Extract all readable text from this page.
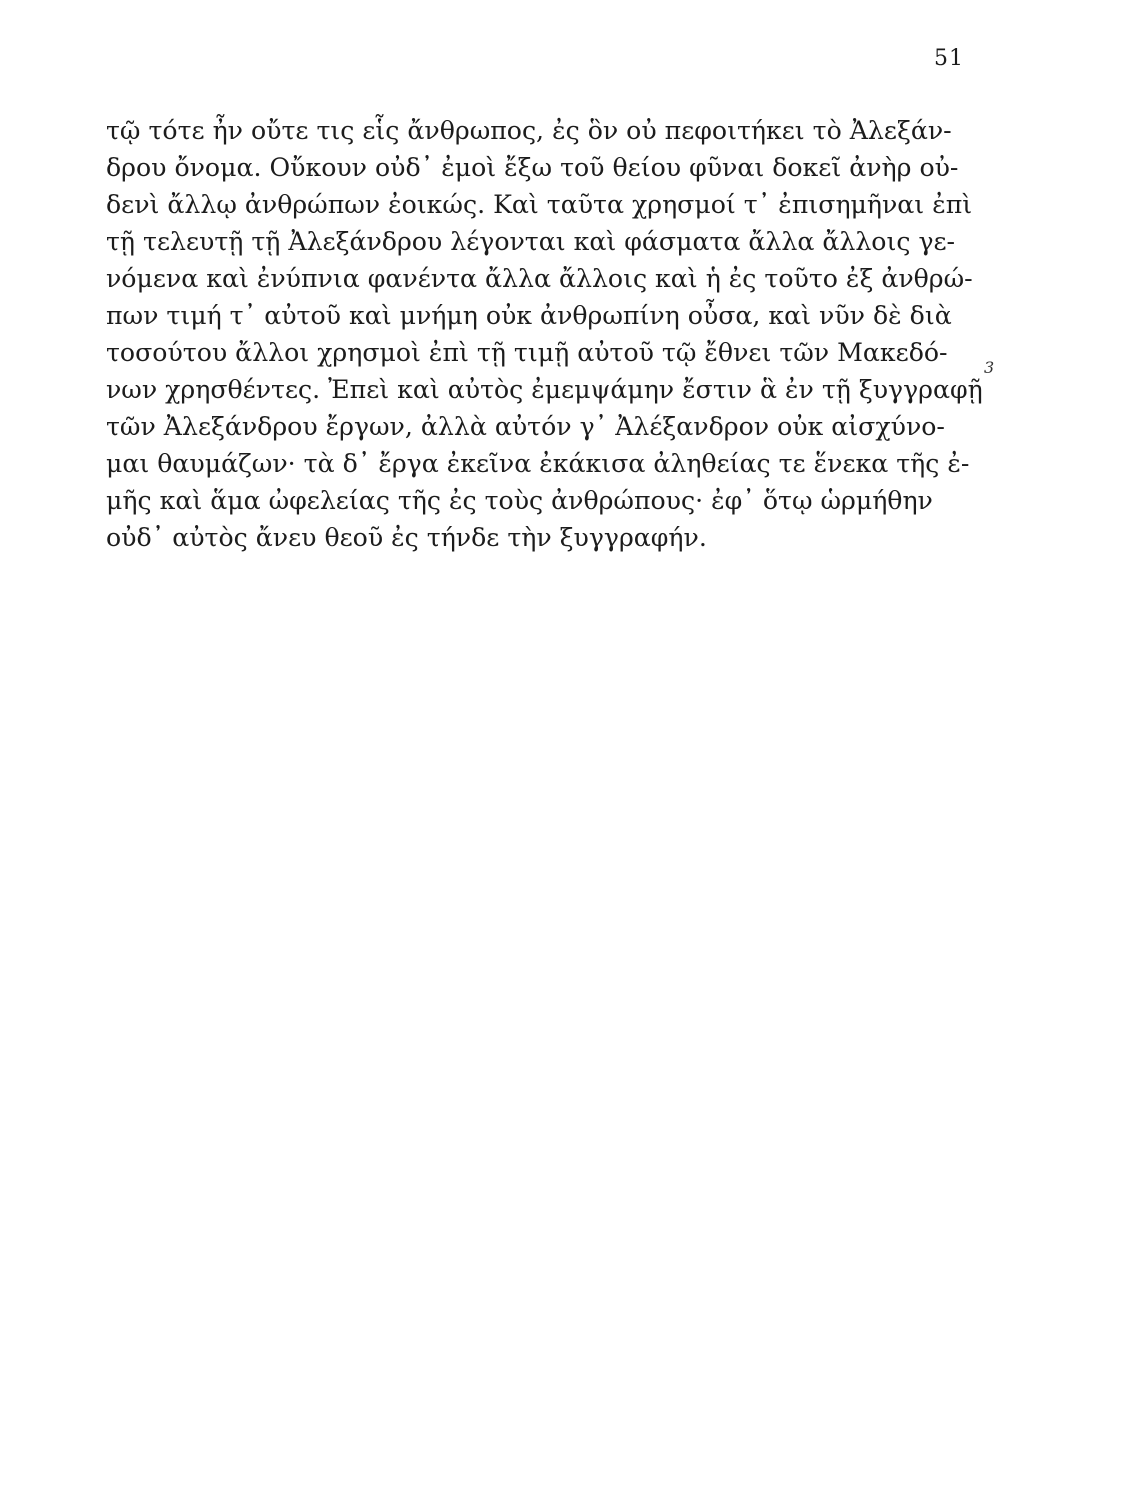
51
τῷ τότε ἦν οὔτε τις εἷς ἄνθρωπος, ἐς ὃν οὐ πεφοιτήκει τὸ Ἀλεξάν-
δρου ὄνομα. Οὔκουν οὐδ᾽ ἐμοὶ ἔξω τοῦ θείου φῦναι δοκεῖ ἀνὴρ οὐ-
δενὶ ἄλλῳ ἀνθρώπων ἐοικώς. Καὶ ταῦτα χρησμοί τ᾽ ἐπισημῆναι ἐπὶ
τῇ τελευτῇ τῇ Ἀλεξάνδρου λέγονται καὶ φάσματα ἄλλα ἄλλοις γε-
νόμενα καὶ ἐνύπνια φανέντα ἄλλα ἄλλοις καὶ ἡ ἐς τοῦτο ἐξ ἀνθρώ-
πων τιμή τ᾽ αὐτοῦ καὶ μνήμη οὐκ ἀνθρωπίνη οὖσα, καὶ νῦν δὲ διὰ
τοσούτου ἄλλοι χρησμοὶ ἐπὶ τῇ τιμῇ αὐτοῦ τῷ ἔθνει τῶν Μακεδό-
νων χρησθέντες. Ἐπεὶ καὶ αὐτὸς ἐμεμψάμην ἔστιν ἃ ἐν τῇ ξυγγραφῇ
τῶν Ἀλεξάνδρου ἔργων, ἀλλὰ αὐτόν γ᾽ Ἀλέξανδρον οὐκ αἰσχύνο-
μαι θαυμάζων· τὰ δ᾽ ἔργα ἐκεῖνα ἐκάκισα ἀληθείας τε ἕνεκα τῆς ἐ-
μῆς καὶ ἅμα ὠφελείας τῆς ἐς τοὺς ἀνθρώπους· ἐφ᾽ ὅτῳ ὡρμήθην
οὐδ᾽ αὐτὸς ἄνευ θεοῦ ἐς τήνδε τὴν ξυγγραφήν.
3
